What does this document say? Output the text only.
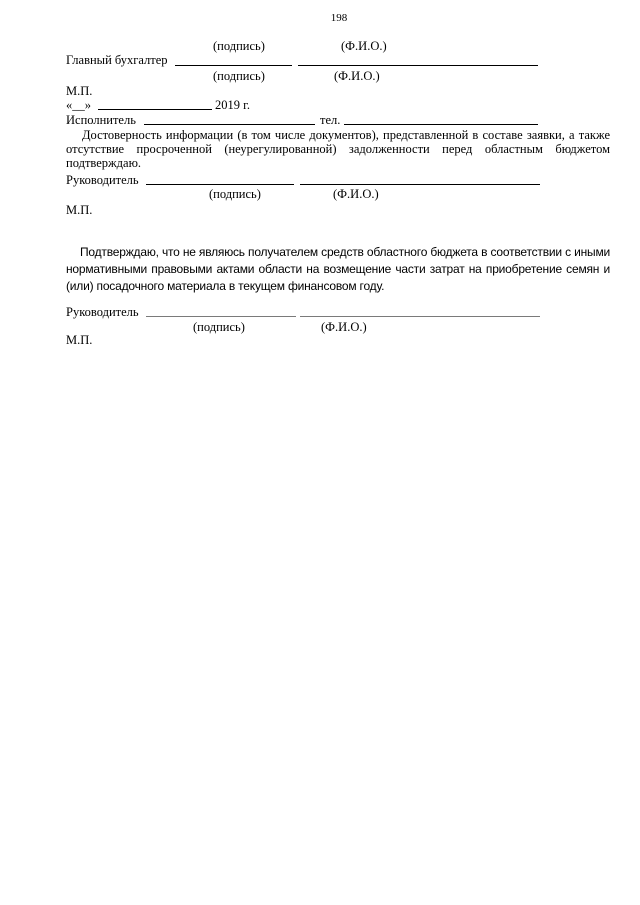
198
(подпись)	(Ф.И.О.)
Главный бухгалтер
(подпись)	(Ф.И.О.)
М.П.
«__»	2019 г.
Исполнитель	тел.
Достоверность информации (в том числе документов), представленной в составе заявки, а также отсутствие просроченной (неурегулированной) задолженности перед областным бюджетом подтверждаю.
Руководитель
(подпись)	(Ф.И.О.)
М.П.
Подтверждаю, что не являюсь получателем средств областного бюджета в соответствии с иными нормативными правовыми актами области на возмещение части затрат на приобретение семян и (или) посадочного материала в текущем финансовом году.
Руководитель
(подпись)	(Ф.И.О.)
М.П.
